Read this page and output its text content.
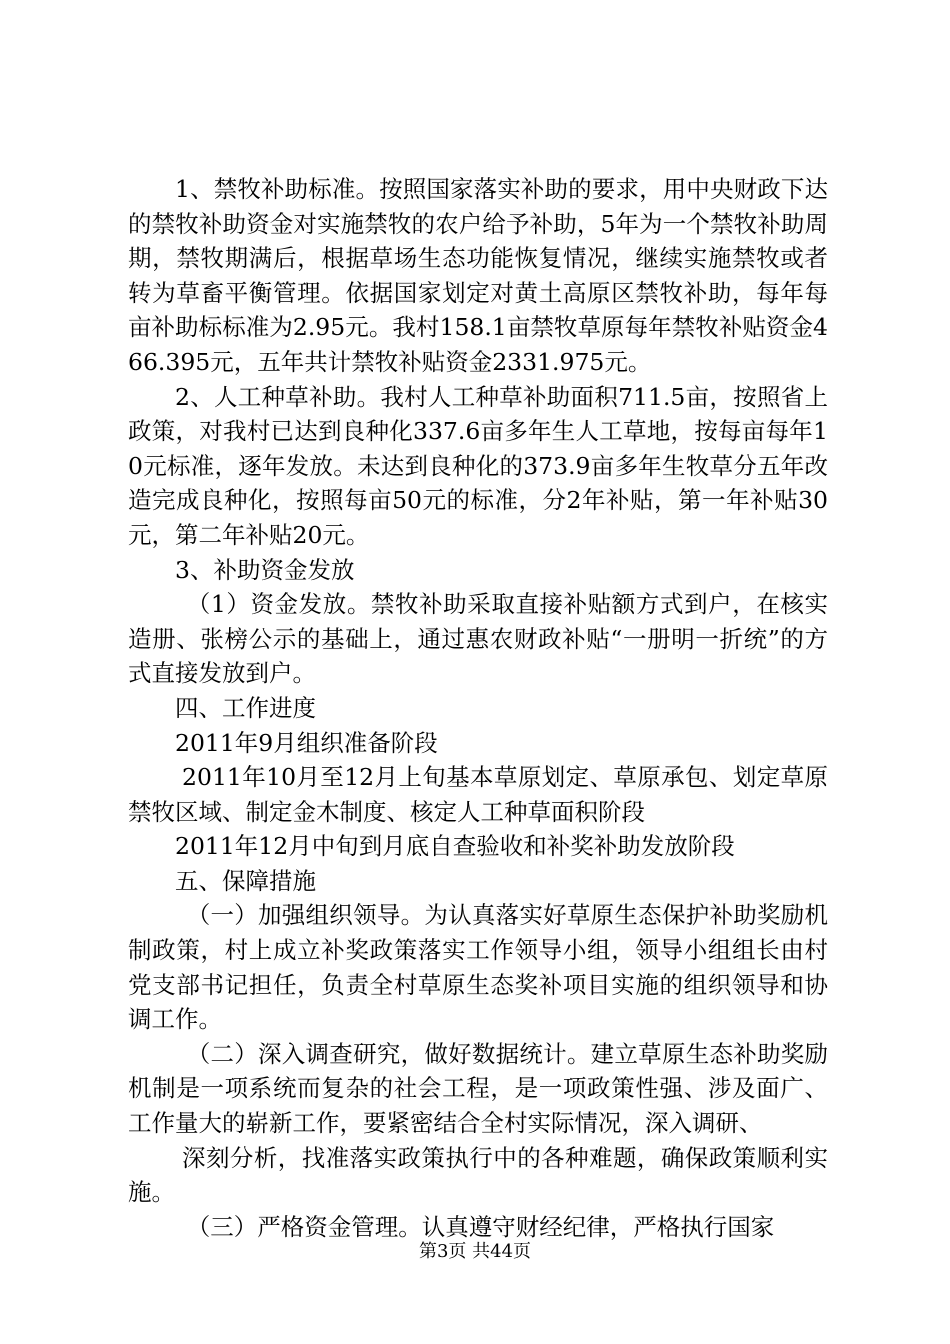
1、禁牧补助标准。按照国家落实补助的要求，用中央财政下达的禁牧补助资金对实施禁牧的农户给予补助，5年为一个禁牧补助周期，禁牧期满后，根据草场生态功能恢复情况，继续实施禁牧或者转为草畜平衡管理。依据国家划定对黄土高原区禁牧补助，每年每亩补助标标准为2.95元。我村158.1亩禁牧草原每年禁牧补贴资金466.395元，五年共计禁牧补贴资金2331.975元。

2、人工种草补助。我村人工种草补助面积711.5亩，按照省上政策，对我村已达到良种化337.6亩多年生人工草地，按每亩每年10元标准，逐年发放。未达到良种化的373.9亩多年生牧草分五年改造完成良种化，按照每亩50元的标准，分2年补贴，第一年补贴30元，第二年补贴20元。

3、补助资金发放

（1）资金发放。禁牧补助采取直接补贴额方式到户，在核实造册、张榜公示的基础上，通过惠农财政补贴“一册明一折统”的方式直接发放到户。

四、工作进度

2011年9月组织准备阶段

2011年10月至12月上旬基本草原划定、草原承包、划定草原禁牧区域、制定金木制度、核定人工种草面积阶段

2011年12月中旬到月底自查验收和补奖补助发放阶段

五、保障措施

（一）加强组织领导。为认真落实好草原生态保护补助奖励机制政策，村上成立补奖政策落实工作领导小组，领导小组组长由村党支部书记担任，负责全村草原生态奖补项目实施的组织领导和协调工作。

（二）深入调查研究，做好数据统计。建立草原生态补助奖励机制是一项系统而复杂的社会工程，是一项政策性强、涉及面广、工作量大的崭新工作，要紧密结合全村实际情况，深入调研、

深刻分析，找准落实政策执行中的各种难题，确保政策顺利实施。

（三）严格资金管理。认真遵守财经纪律，严格执行国家

第3页 共44页
